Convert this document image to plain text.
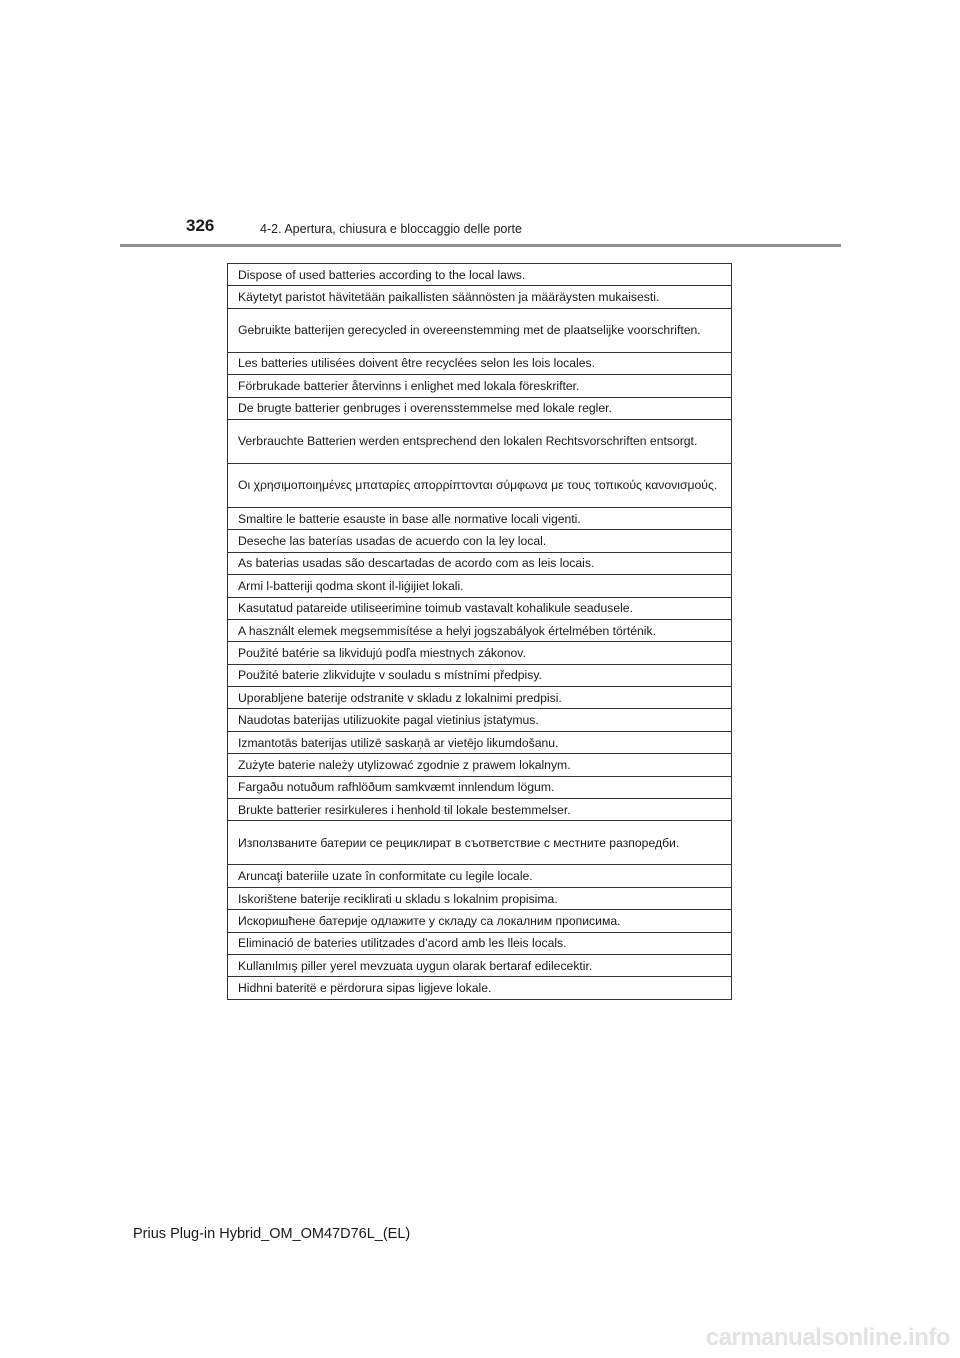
326	4-2. Apertura, chiusura e bloccaggio delle porte
Dispose of used batteries according to the local laws.
Käytetyt paristot hävitetään paikallisten säännösten ja määräysten mukaisesti.
Gebruikte batterijen gerecycled in overeenstemming met de plaatselijke voorschriften.
Les batteries utilisées doivent être recyclées selon les lois locales.
Förbrukade batterier återvinns i enlighet med lokala föreskrifter.
De brugte batterier genbruges i overensstemmelse med lokale regler.
Verbrauchte Batterien werden entsprechend den lokalen Rechtsvorschriften entsorgt.
Οι χρησιμοποιημένες μπαταρίες απορρίπτονται σύμφωνα με τους τοπικούς κανονισμούς.
Smaltire le batterie esauste in base alle normative locali vigenti.
Deseche las baterías usadas de acuerdo con la ley local.
As baterias usadas são descartadas de acordo com as leis locais.
Armi l-batteriji qodma skont il-liġijiet lokali.
Kasutatud patareide utiliseerimine toimub vastavalt kohalikule seadusele.
A használt elemek megsemmisítése a helyi jogszabályok értelmében történik.
Použité batérie sa likvidujú podľa miestnych zákonov.
Použité baterie zlikvidujte v souladu s místními předpisy.
Uporabljene baterije odstranite v skladu z lokalnimi predpisi.
Naudotas baterijas utilizuokite pagal vietinius įstatymus.
Izmantotās baterijas utilizē saskaņā ar vietējo likumdošanu.
Zużyte baterie należy utylizować zgodnie z prawem lokalnym.
Fargaðu notuðum rafhlöðum samkvæmt innlendum lögum.
Brukte batterier resirkuleres i henhold til lokale bestemmelser.
Използваните батерии се рециклират в съответствие с местните разпоредби.
Aruncaţi bateriile uzate în conformitate cu legile locale.
Iskorištene baterije reciklirati u skladu s lokalnim propisima.
Искоришћене батерије одлажите у складу са локалним прописима.
Eliminació de bateries utilitzades d’acord amb les lleis locals.
Kullanılmış piller yerel mevzuata uygun olarak bertaraf edilecektir.
Hidhni bateritë e përdorura sipas ligjeve lokale.
Prius Plug-in Hybrid_OM_OM47D76L_(EL)
carmanualsonline.info
